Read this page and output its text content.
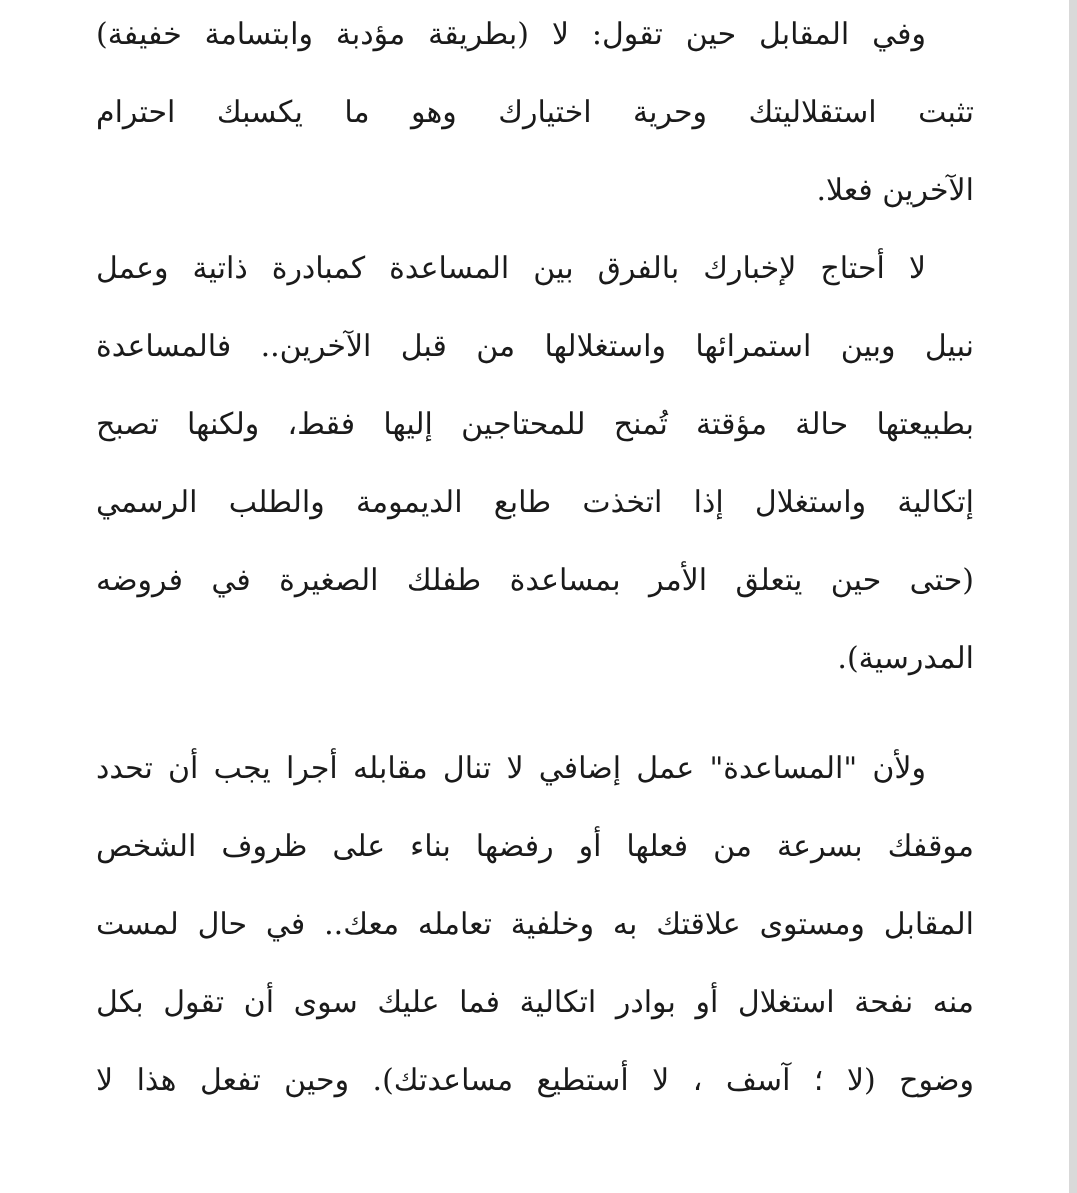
وفي المقابل حين تقول: لا (بطريقة مؤدبة وابتسامة خفيفة)
تثبت استقلاليتك وحرية اختيارك وهو ما يكسبك احترام
الآخرين فعلا.
لا أحتاج لإخبارك بالفرق بين المساعدة كمبادرة ذاتية وعمل
نبيل وبين استمرائها واستغلالها من قبل الآخرين.. فالمساعدة
بطبيعتها حالة مؤقتة تُمنح للمحتاجين إليها فقط، ولكنها تصبح
إتكالية واستغلال إذا اتخذت طابع الديمومة والطلب الرسمي
(حتى حين يتعلق الأمر بمساعدة طفلك الصغيرة في فروضه
المدرسية).
ولأن "المساعدة" عمل إضافي لا تنال مقابله أجرا يجب أن تحدد
موقفك بسرعة من فعلها أو رفضها بناء على ظروف الشخص
المقابل ومستوى علاقتك به وخلفية تعامله معك.. في حال لمست
منه نفحة استغلال أو بوادر اتكالية فما عليك سوى أن تقول بكل
وضوح (لا ؛ آسف ، لا أستطيع مساعدتك). وحين تفعل هذا لا
